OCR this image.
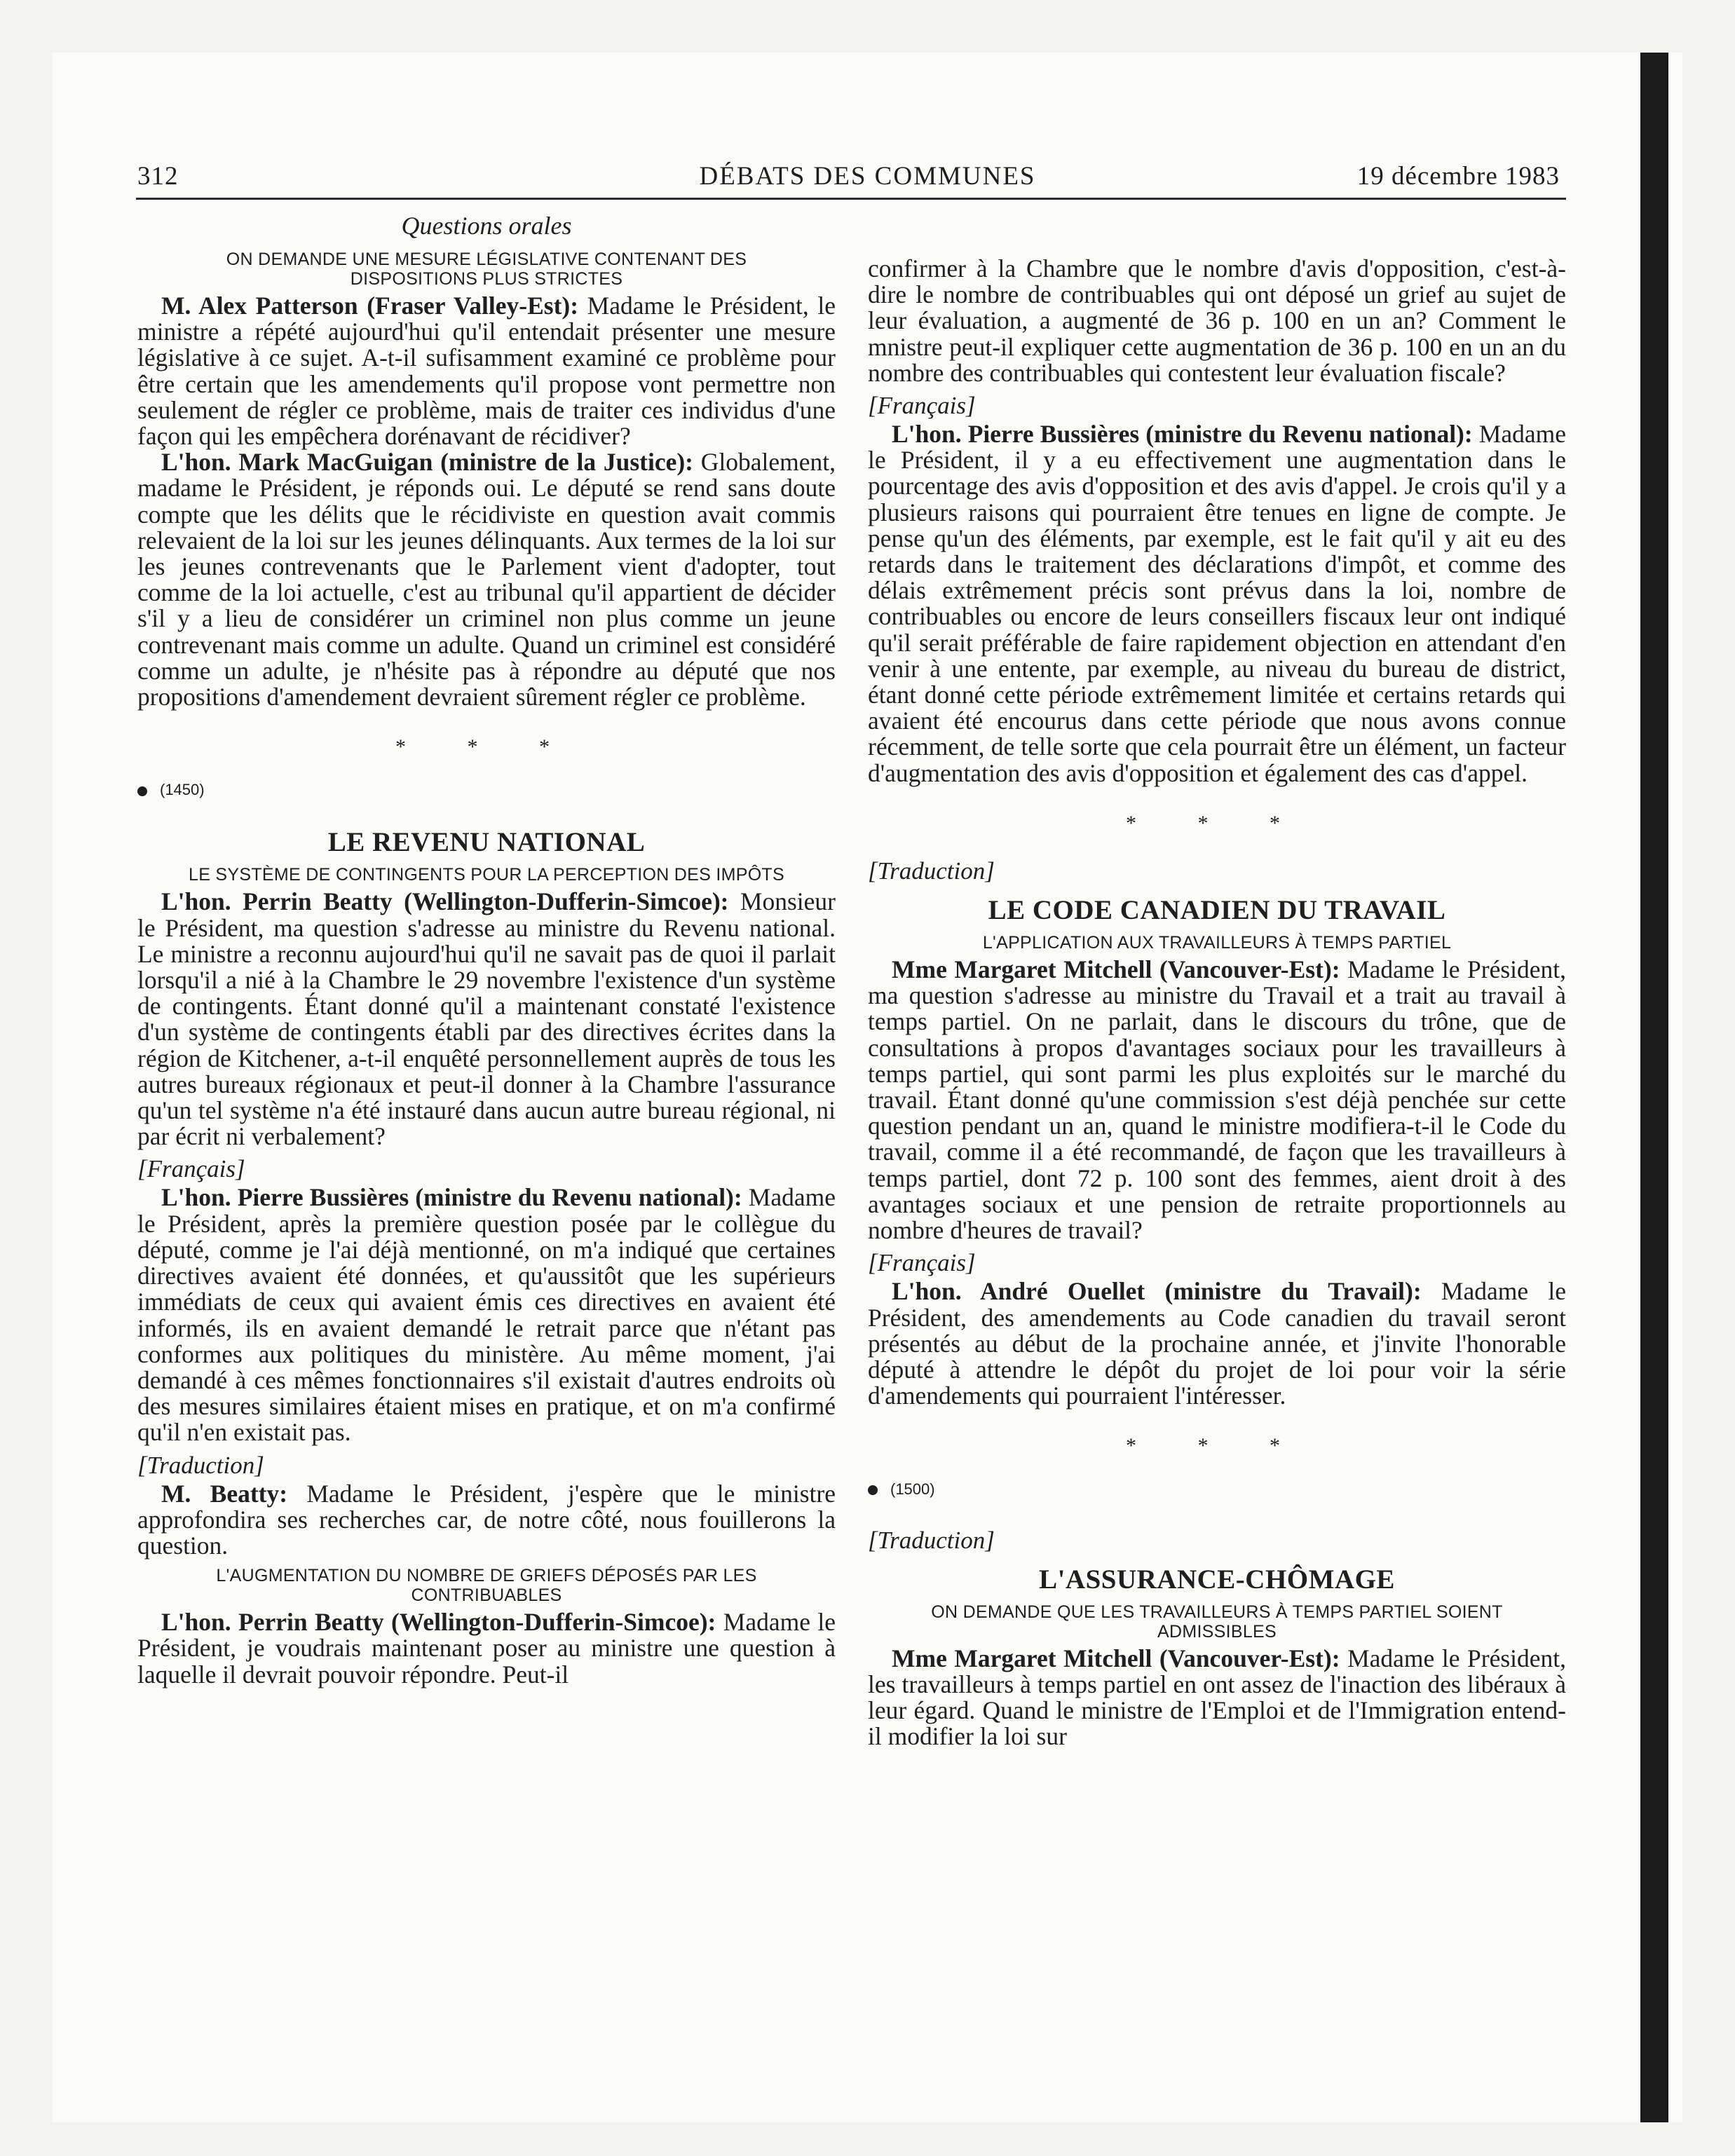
312	DÉBATS DES COMMUNES	19 décembre 1983
Questions orales
ON DEMANDE UNE MESURE LÉGISLATIVE CONTENANT DES DISPOSITIONS PLUS STRICTES

M. Alex Patterson (Fraser Valley-Est): Madame le Président, le ministre a répété aujourd'hui qu'il entendait présenter une mesure législative à ce sujet. A-t-il sufisamment examiné ce problème pour être certain que les amendements qu'il propose vont permettre non seulement de régler ce problème, mais de traiter ces individus d'une façon qui les empêchera dorénavant de récidiver?

L'hon. Mark MacGuigan (ministre de la Justice): Globalement, madame le Président, je réponds oui. Le député se rend sans doute compte que les délits que le récidiviste en question avait commis relevaient de la loi sur les jeunes délinquants. Aux termes de la loi sur les jeunes contrevenants que le Parlement vient d'adopter, tout comme de la loi actuelle, c'est au tribunal qu'il appartient de décider s'il y a lieu de considérer un criminel non plus comme un jeune contrevenant mais comme un adulte. Quand un criminel est considéré comme un adulte, je n'hésite pas à répondre au député que nos propositions d'amendement devraient sûrement régler ce problème.

* * *
(1450)
LE REVENU NATIONAL
LE SYSTÈME DE CONTINGENTS POUR LA PERCEPTION DES IMPÔTS

L'hon. Perrin Beatty (Wellington-Dufferin-Simcoe): Monsieur le Président, ma question s'adresse au ministre du Revenu national. Le ministre a reconnu aujourd'hui qu'il ne savait pas de quoi il parlait lorsqu'il a nié à la Chambre le 29 novembre l'existence d'un système de contingents. Étant donné qu'il a maintenant constaté l'existence d'un système de contingents établi par des directives écrites dans la région de Kitchener, a-t-il enquêté personnellement auprès de tous les autres bureaux régionaux et peut-il donner à la Chambre l'assurance qu'un tel système n'a été instauré dans aucun autre bureau régional, ni par écrit ni verbalement?

[Français]

L'hon. Pierre Bussières (ministre du Revenu national): Madame le Président, après la première question posée par le collègue du député, comme je l'ai déjà mentionné, on m'a indiqué que certaines directives avaient été données, et qu'aussitôt que les supérieurs immédiats de ceux qui avaient émis ces directives en avaient été informés, ils en avaient demandé le retrait parce que n'étant pas conformes aux politiques du ministère. Au même moment, j'ai demandé à ces mêmes fonctionnaires s'il existait d'autres endroits où des mesures similaires étaient mises en pratique, et on m'a confirmé qu'il n'en existait pas.

[Traduction]

M. Beatty: Madame le Président, j'espère que le ministre approfondira ses recherches car, de notre côté, nous fouillerons la question.

L'AUGMENTATION DU NOMBRE DE GRIEFS DÉPOSÉS PAR LES CONTRIBUABLES

L'hon. Perrin Beatty (Wellington-Dufferin-Simcoe): Madame le Président, je voudrais maintenant poser au ministre une question à laquelle il devrait pouvoir répondre. Peut-il

confirmer à la Chambre que le nombre d'avis d'opposition, c'est-à-dire le nombre de contribuables qui ont déposé un grief au sujet de leur évaluation, a augmenté de 36 p. 100 en un an? Comment le mnistre peut-il expliquer cette augmentation de 36 p. 100 en un an du nombre des contribuables qui contestent leur évaluation fiscale?

[Français]

L'hon. Pierre Bussières (ministre du Revenu national): Madame le Président, il y a eu effectivement une augmentation dans le pourcentage des avis d'opposition et des avis d'appel. Je crois qu'il y a plusieurs raisons qui pourraient être tenues en ligne de compte. Je pense qu'un des éléments, par exemple, est le fait qu'il y ait eu des retards dans le traitement des déclarations d'impôt, et comme des délais extrêmement précis sont prévus dans la loi, nombre de contribuables ou encore de leurs conseillers fiscaux leur ont indiqué qu'il serait préférable de faire rapidement objection en attendant d'en venir à une entente, par exemple, au niveau du bureau de district, étant donné cette période extrêmement limitée et certains retards qui avaient été encourus dans cette période que nous avons connue récemment, de telle sorte que cela pourrait être un élément, un facteur d'augmentation des avis d'opposition et également des cas d'appel.

* * *
[Traduction]
LE CODE CANADIEN DU TRAVAIL
L'APPLICATION AUX TRAVAILLEURS À TEMPS PARTIEL

Mme Margaret Mitchell (Vancouver-Est): Madame le Président, ma question s'adresse au ministre du Travail et a trait au travail à temps partiel. On ne parlait, dans le discours du trône, que de consultations à propos d'avantages sociaux pour les travailleurs à temps partiel, qui sont parmi les plus exploités sur le marché du travail. Étant donné qu'une commission s'est déjà penchée sur cette question pendant un an, quand le ministre modifiera-t-il le Code du travail, comme il a été recommandé, de façon que les travailleurs à temps partiel, dont 72 p. 100 sont des femmes, aient droit à des avantages sociaux et une pension de retraite proportionnels au nombre d'heures de travail?

[Français]

L'hon. André Ouellet (ministre du Travail): Madame le Président, des amendements au Code canadien du travail seront présentés au début de la prochaine année, et j'invite l'honorable député à attendre le dépôt du projet de loi pour voir la série d'amendements qui pourraient l'intéresser.

* * *
(1500)
[Traduction]
L'ASSURANCE-CHÔMAGE
ON DEMANDE QUE LES TRAVAILLEURS À TEMPS PARTIEL SOIENT ADMISSIBLES

Mme Margaret Mitchell (Vancouver-Est): Madame le Président, les travailleurs à temps partiel en ont assez de l'inaction des libéraux à leur égard. Quand le ministre de l'Emploi et de l'Immigration entend-il modifier la loi sur
